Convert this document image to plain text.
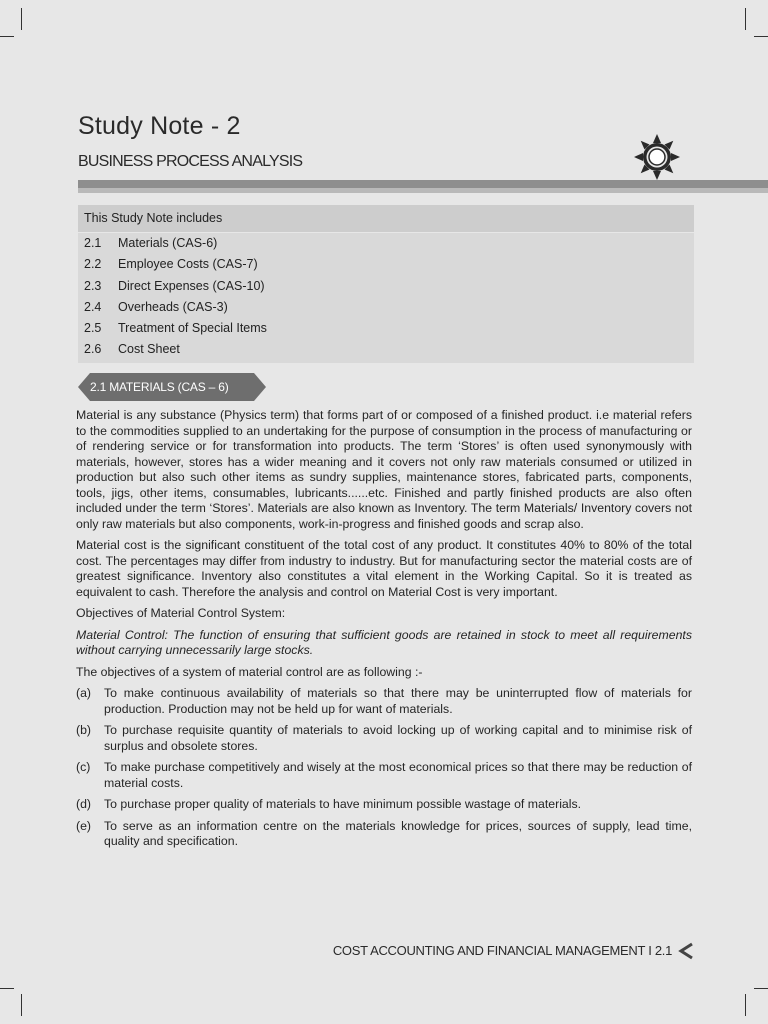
Study Note - 2
BUSINESS PROCESS ANALYSIS
This Study Note includes
2.1 Materials (CAS-6)
2.2 Employee Costs (CAS-7)
2.3 Direct Expenses (CAS-10)
2.4 Overheads (CAS-3)
2.5 Treatment of Special Items
2.6 Cost Sheet
2.1 MATERIALS (CAS – 6)

Material is any substance (Physics term) that forms part of or composed of a finished product. i.e material refers to the commodities supplied to an undertaking for the purpose of consumption in the process of manufacturing or of rendering service or for transformation into products. The term ‘Stores’ is often used synonymously with materials, however, stores has a wider meaning and it covers not only raw materials consumed or utilized in production but also such other items as sundry supplies, maintenance stores, fabricated parts, components, tools, jigs, other items, consumables, lubricants......etc. Finished and partly finished products are also often included under the term ‘Stores’. Materials are also known as Inventory. The term Materials/ Inventory covers not only raw materials but also components, work-in-progress and finished goods and scrap also.

Material cost is the significant constituent of the total cost of any product. It constitutes 40% to 80% of the total cost. The percentages may differ from industry to industry. But for manufacturing sector the material costs are of greatest significance. Inventory also constitutes a vital element in the Working Capital. So it is treated as equivalent to cash. Therefore the analysis and control on Material Cost is very important.

Objectives of Material Control System:

Material Control: The function of ensuring that sufficient goods are retained in stock to meet all requirements without carrying unnecessarily large stocks.

The objectives of a system of material control are as following :-

(a)	To make continuous availability of materials so that there may be uninterrupted flow of materials for production. Production may not be held up for want of materials.
(b)	To purchase requisite quantity of materials to avoid locking up of working capital and to minimise risk of surplus and obsolete stores.
(c)	To make purchase competitively and wisely at the most economical prices so that there may be reduction of material costs.
(d)	To purchase proper quality of materials to have minimum possible wastage of materials.
(e)	To serve as an information centre on the materials knowledge for prices, sources of supply, lead time, quality and specification.
COST ACCOUNTING AND FINANCIAL MANAGEMENT I 2.1
